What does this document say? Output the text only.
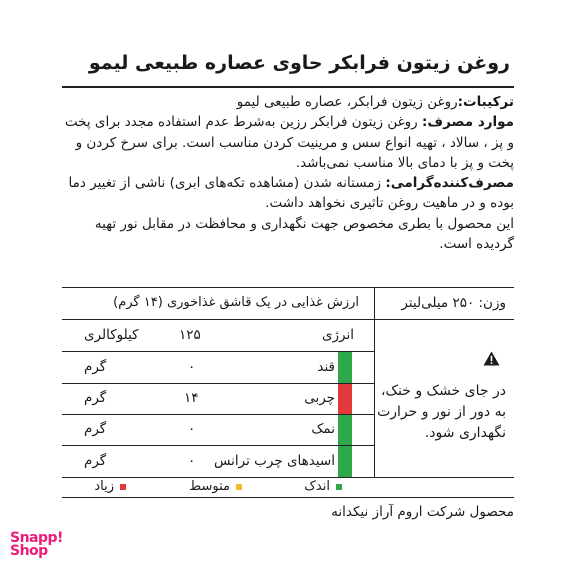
روغن زیتون فرابکر حاوی عصاره طبیعی لیمو

ترکیبات:روغن زیتون فرابکر، عصاره طبیعی لیمو

موارد مصرف: روغن زیتون فرابکر رزین به‌شرط عدم استفاده مجدد برای پخت و پز ، سالاد ، تهیه انواع سس و مرینیت کردن مناسب است. برای سرخ کردن و پخت و پز با دمای بالا مناسب نمی‌باشد.

مصرف‌کننده‌گرامی: زمستانه شدن (مشاهده تکه‌های ابری) ناشی از تغییر دما بوده و در ماهیت روغن تاثیری نخواهد داشت.

این محصول با بطری مخصوص جهت نگهداری و محافظت در مقابل نور تهیه گردیده است.

ارزش غذایی در یک قاشق غذاخوری (۱۴ گرم)	وزن: ۲۵۰ میلی‌لیتر
انرژی
۱۲۵
کیلوکالری
قند
۰
گرم
چربی
۱۴
گرم
نمک
۰
گرم
اسیدهای چرب ترانس
۰
گرم
در جای خشک و خنک، به دور از نور و حرارت نگهداری شود.
اندک
متوسط
زیاد
محصول شرکت اروم آراز نیکدانه
Snapp!
Shop
